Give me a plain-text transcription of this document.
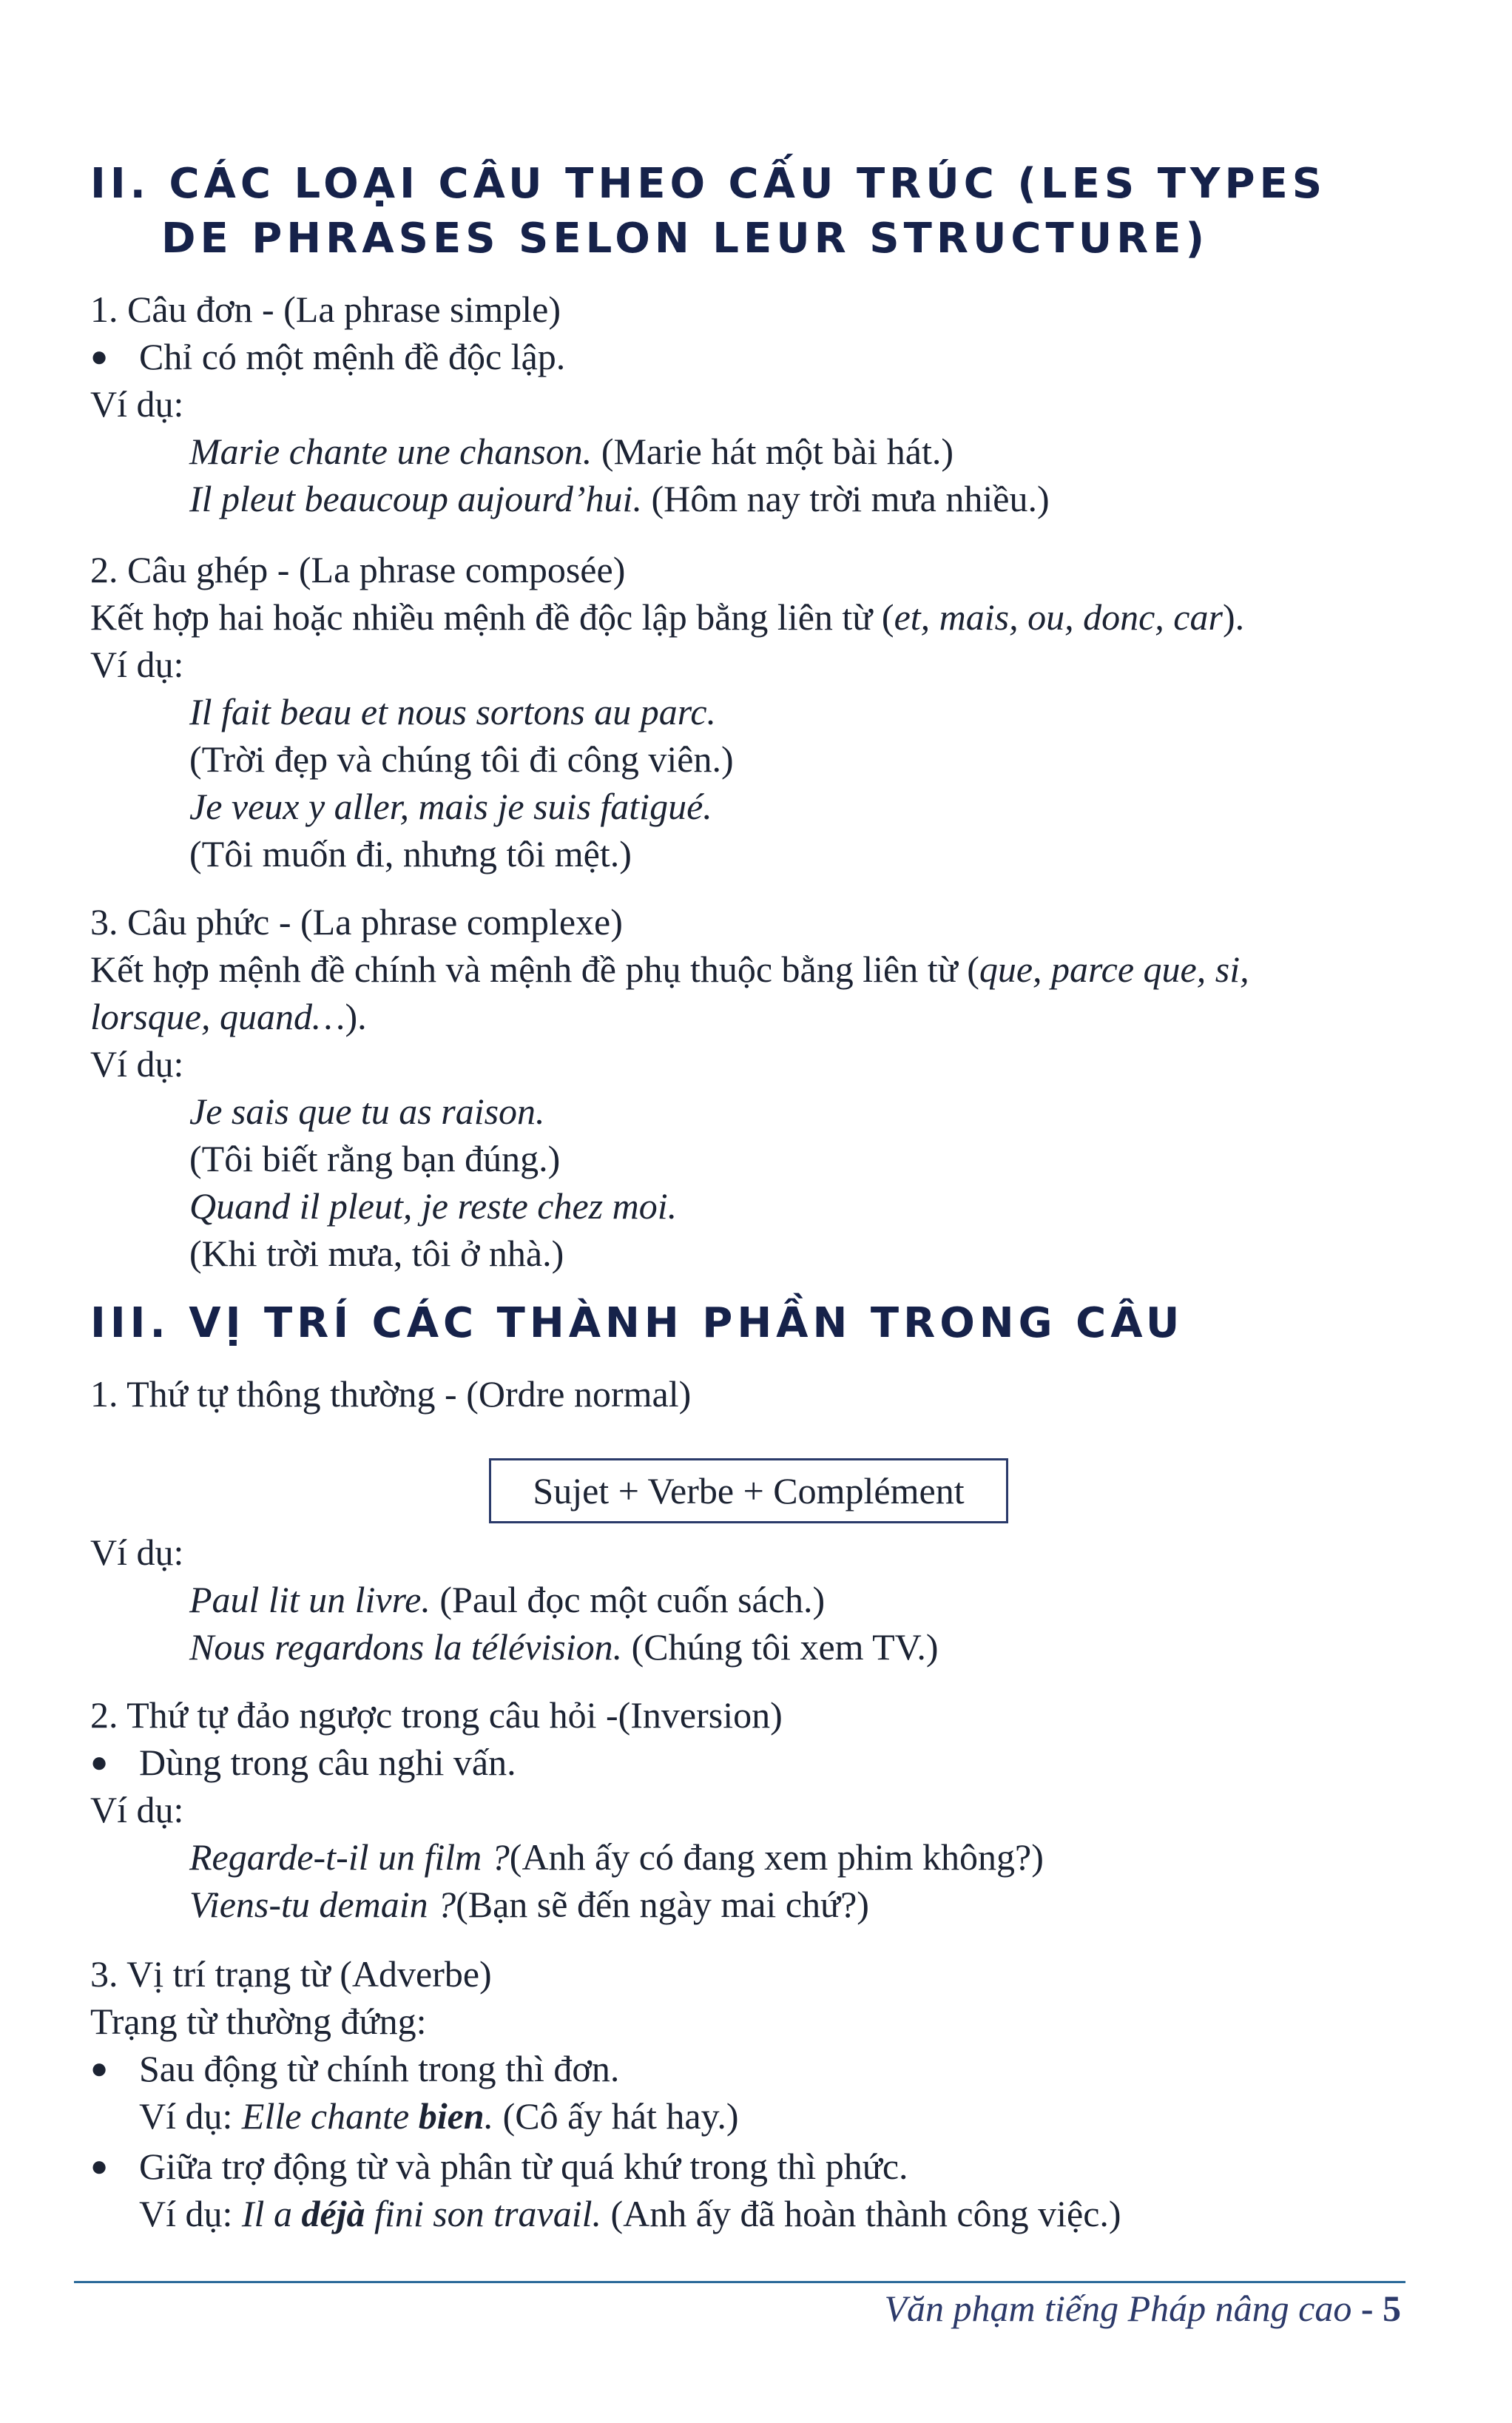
II. CÁC LOẠI CÂU THEO CẤU TRÚC (LES TYPES
DE PHRASES SELON LEUR STRUCTURE)
1. Câu đơn - (La phrase simple)
● Chỉ có một mệnh đề độc lập.
Ví dụ:
Marie chante une chanson. (Marie hát một bài hát.)
Il pleut beaucoup aujourd’hui. (Hôm nay trời mưa nhiều.)
2. Câu ghép - (La phrase composée)
Kết hợp hai hoặc nhiều mệnh đề độc lập bằng liên từ (et, mais, ou, donc, car).
Ví dụ:
Il fait beau et nous sortons au parc.
(Trời đẹp và chúng tôi đi công viên.)
Je veux y aller, mais je suis fatigué.
(Tôi muốn đi, nhưng tôi mệt.)
3. Câu phức - (La phrase complexe)
Kết hợp mệnh đề chính và mệnh đề phụ thuộc bằng liên từ (que, parce que, si,
lorsque, quand…).
Ví dụ:
Je sais que tu as raison.
(Tôi biết rằng bạn đúng.)
Quand il pleut, je reste chez moi.
(Khi trời mưa, tôi ở nhà.)
III. VỊ TRÍ CÁC THÀNH PHẦN TRONG CÂU
1. Thứ tự thông thường - (Ordre normal)
Sujet + Verbe + Complément
Ví dụ:
Paul lit un livre. (Paul đọc một cuốn sách.)
Nous regardons la télévision. (Chúng tôi xem TV.)
2. Thứ tự đảo ngược trong câu hỏi -(Inversion)
● Dùng trong câu nghi vấn.
Ví dụ:
Regarde-t-il un film ?(Anh ấy có đang xem phim không?)
Viens-tu demain ?(Bạn sẽ đến ngày mai chứ?)
3. Vị trí trạng từ (Adverbe)
Trạng từ thường đứng:
● Sau động từ chính trong thì đơn.
Ví dụ: Elle chante bien. (Cô ấy hát hay.)
● Giữa trợ động từ và phân từ quá khứ trong thì phức.
Ví dụ: Il a déjà fini son travail. (Anh ấy đã hoàn thành công việc.)
Văn phạm tiếng Pháp nâng cao - 5
